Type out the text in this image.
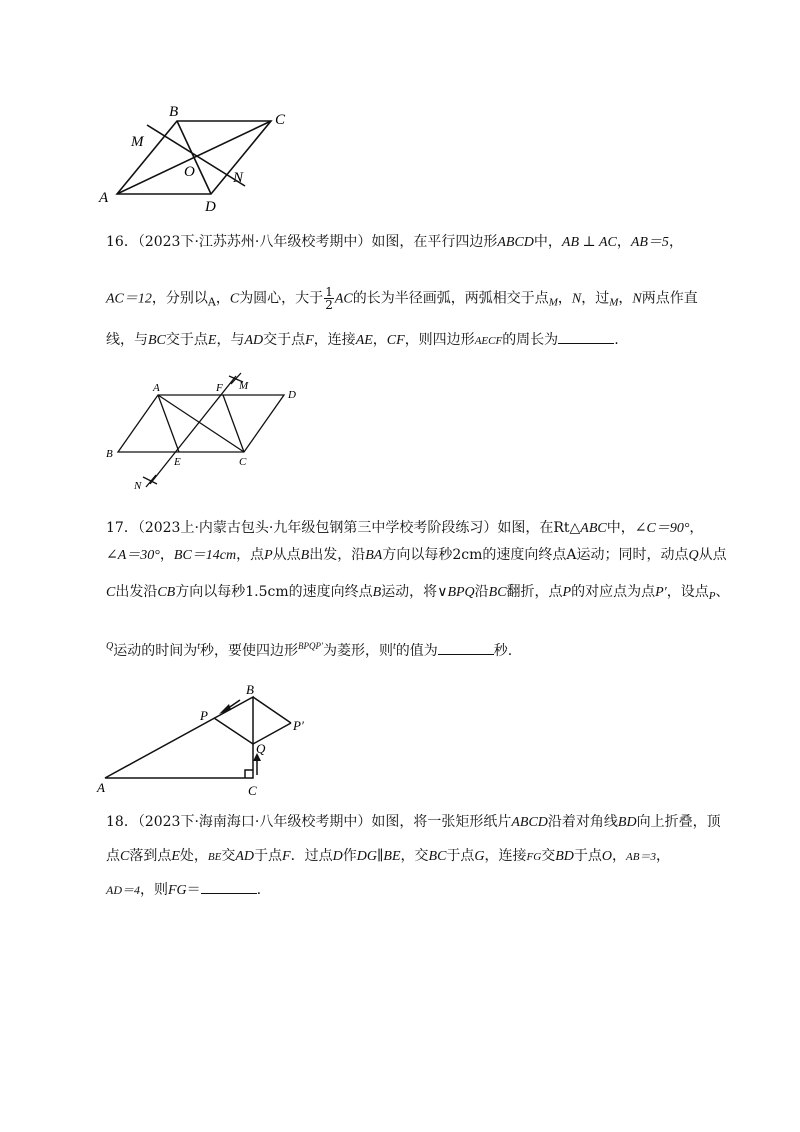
B	C
M
O	N
A
D
16．（2023下·江苏苏州·八年级校考期中）如图，在平行四边形ABCD中，AB ⊥ AC，AB＝5，
AC＝12，分别以$_A$，C为圆心，大于 $\frac{1}{2}$ AC的长为半径画弧，两弧相交于点$_M$，N，过$_M$，N两点作直
线，与BC交于点E，与AD交于点F，连接AE，CF，则四边形AECF的周长为	.
A	F M
D
B
E	C
N
17．（2023上·内蒙古包头·九年级包钢第三中学校考阶段练习）如图，在Rt△ABC中，∠C＝90°，
∠A＝30°，BC＝14cm，点P从点B出发，沿BA方向以每秒2cm的速度向终点A运动；同时，动点Q从点
C出发沿CB方向以每秒1.5cm的速度向终点B运动，将∨BPQ沿BC翻折，点P的对应点为点P′，设点$_P$、
$^Q$运动的时间为$^t$秒，要使四边形$^{BPQP'}$为菱形，则$^t$的值为	秒.
B
P
P′
Q
A	C
18．（2023下·海南海口·八年级校考期中）如图，将一张矩形纸片ABCD沿着对角线BD向上折叠，顶
点C落到点E处，BE交AD于点F．过点D作DG∥BE，交BC于点G，连接FG交BD于点O，AB＝3，
AD＝4，则FG＝	.
